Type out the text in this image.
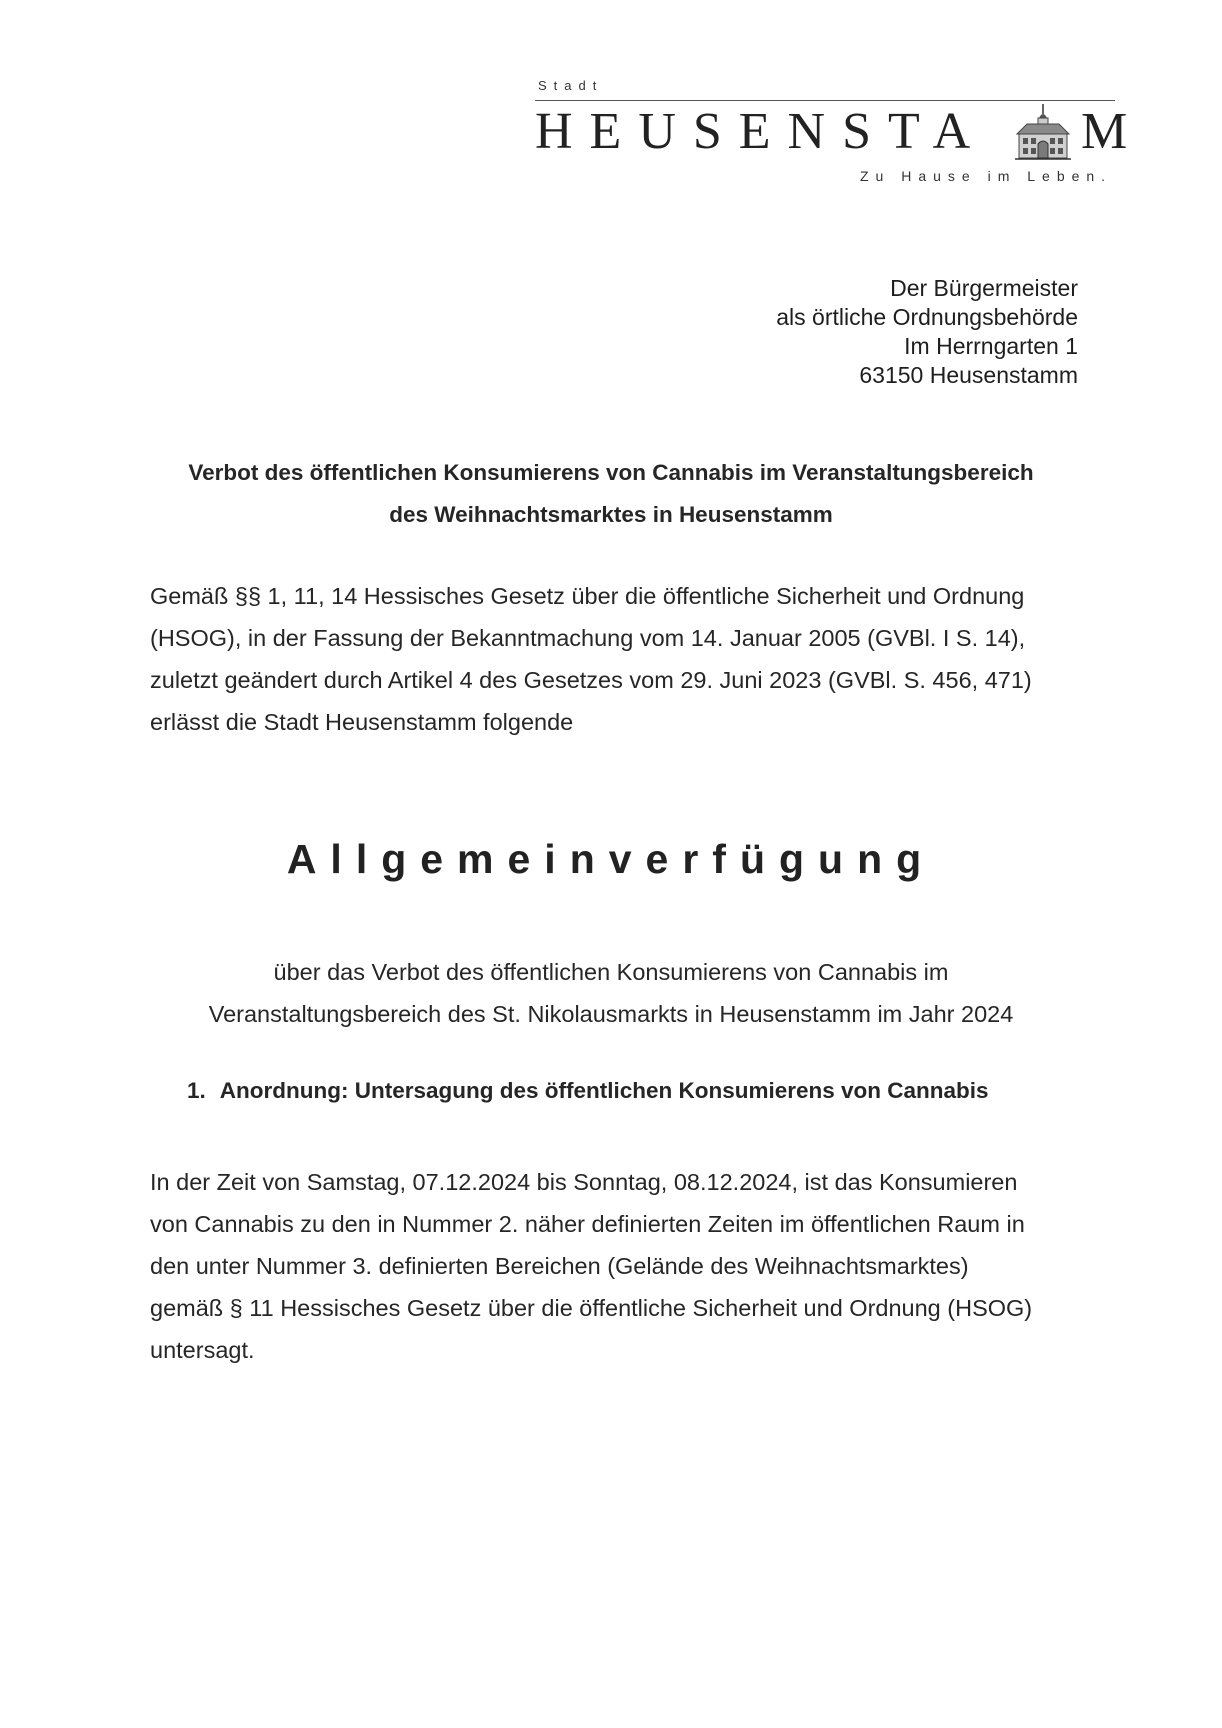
Stadt
HEUSENSTA M
Zu Hause im Leben.
Der Bürgermeister
als örtliche Ordnungsbehörde
Im Herrngarten 1
63150 Heusenstamm
Verbot des öffentlichen Konsumierens von Cannabis im Veranstaltungsbereich
des Weihnachtsmarktes in Heusenstamm
Gemäß §§ 1, 11, 14 Hessisches Gesetz über die öffentliche Sicherheit und Ordnung
(HSOG), in der Fassung der Bekanntmachung vom 14. Januar 2005 (GVBl. I S. 14),
zuletzt geändert durch Artikel 4 des Gesetzes vom 29. Juni 2023 (GVBl. S. 456, 471)
erlässt die Stadt Heusenstamm folgende
Allgemeinverfügung
über das Verbot des öffentlichen Konsumierens von Cannabis im
Veranstaltungsbereich des St. Nikolausmarkts in Heusenstamm im Jahr 2024
1. Anordnung: Untersagung des öffentlichen Konsumierens von Cannabis
In der Zeit von Samstag, 07.12.2024 bis Sonntag, 08.12.2024, ist das Konsumieren
von Cannabis zu den in Nummer 2. näher definierten Zeiten im öffentlichen Raum in
den unter Nummer 3. definierten Bereichen (Gelände des Weihnachtsmarktes)
gemäß § 11 Hessisches Gesetz über die öffentliche Sicherheit und Ordnung (HSOG)
untersagt.
